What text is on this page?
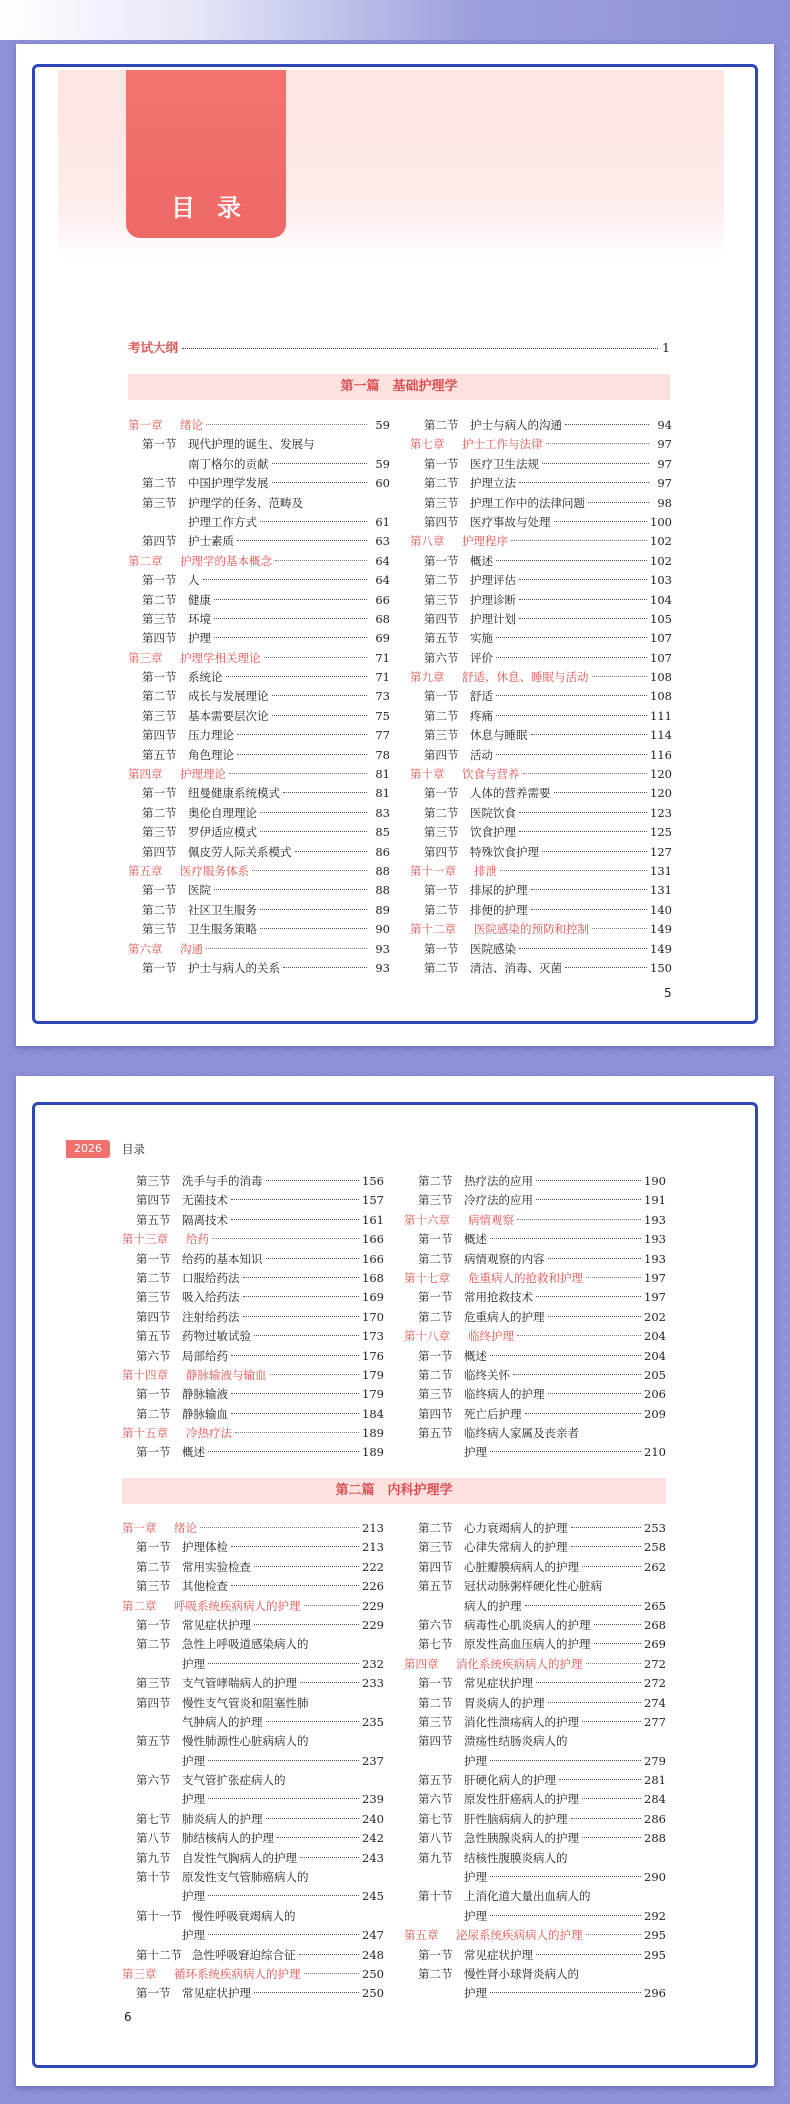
目录
考试大纲	1
第一篇　基础护理学
第一章	绪论	59
第一节	现代护理的诞生、发展与
南丁格尔的贡献	59
第二节	中国护理学发展	60
第三节	护理学的任务、范畴及
护理工作方式	61
第四节	护士素质	63
第二章	护理学的基本概念	64
第一节	人	64
第二节	健康	66
第三节	环境	68
第四节	护理	69
第三章	护理学相关理论	71
第一节	系统论	71
第二节	成长与发展理论	73
第三节	基本需要层次论	75
第四节	压力理论	77
第五节	角色理论	78
第四章	护理理论	81
第一节	纽曼健康系统模式	81
第二节	奥伦自理理论	83
第三节	罗伊适应模式	85
第四节	佩皮劳人际关系模式	86
第五章	医疗服务体系	88
第一节	医院	88
第二节	社区卫生服务	89
第三节	卫生服务策略	90
第六章	沟通	93
第一节	护士与病人的关系	93
第二节	护士与病人的沟通	94
第七章	护士工作与法律	97
第一节	医疗卫生法规	97
第二节	护理立法	97
第三节	护理工作中的法律问题	98
第四节	医疗事故与处理	100
第八章	护理程序	102
第一节	概述	102
第二节	护理评估	103
第三节	护理诊断	104
第四节	护理计划	105
第五节	实施	107
第六节	评价	107
第九章	舒适、休息、睡眠与活动	108
第一节	舒适	108
第二节	疼痛	111
第三节	休息与睡眠	114
第四节	活动	116
第十章	饮食与营养	120
第一节	人体的营养需要	120
第二节	医院饮食	123
第三节	饮食护理	125
第四节	特殊饮食护理	127
第十一章	排泄	131
第一节	排尿的护理	131
第二节	排便的护理	140
第十二章	医院感染的预防和控制	149
第一节	医院感染	149
第二节	清洁、消毒、灭菌	150
5
2026	目录
第三节	洗手与手的消毒	156
第四节	无菌技术	157
第五节	隔离技术	161
第十三章	给药	166
第一节	给药的基本知识	166
第二节	口服给药法	168
第三节	吸入给药法	169
第四节	注射给药法	170
第五节	药物过敏试验	173
第六节	局部给药	176
第十四章	静脉输液与输血	179
第一节	静脉输液	179
第二节	静脉输血	184
第十五章	冷热疗法	189
第一节	概述	189
第二节	热疗法的应用	190
第三节	冷疗法的应用	191
第十六章	病情观察	193
第一节	概述	193
第二节	病情观察的内容	193
第十七章	危重病人的抢救和护理	197
第一节	常用抢救技术	197
第二节	危重病人的护理	202
第十八章	临终护理	204
第一节	概述	204
第二节	临终关怀	205
第三节	临终病人的护理	206
第四节	死亡后护理	209
第五节	临终病人家属及丧亲者
护理	210
第二篇　内科护理学
第一章	绪论	213
第一节	护理体检	213
第二节	常用实验检查	222
第三节	其他检查	226
第二章	呼吸系统疾病病人的护理	229
第一节	常见症状护理	229
第二节	急性上呼吸道感染病人的
护理	232
第三节	支气管哮喘病人的护理	233
第四节	慢性支气管炎和阻塞性肺
气肿病人的护理	235
第五节	慢性肺源性心脏病病人的
护理	237
第六节	支气管扩张症病人的
护理	239
第七节	肺炎病人的护理	240
第八节	肺结核病人的护理	242
第九节	自发性气胸病人的护理	243
第十节	原发性支气管肺癌病人的
护理	245
第十一节 慢性呼吸衰竭病人的
护理	247
第十二节 急性呼吸窘迫综合征	248
第三章	循环系统疾病病人的护理	250
第一节	常见症状护理	250
第二节	心力衰竭病人的护理	253
第三节	心律失常病人的护理	258
第四节	心脏瓣膜病病人的护理	262
第五节	冠状动脉粥样硬化性心脏病
病人的护理	265
第六节	病毒性心肌炎病人的护理	268
第七节	原发性高血压病人的护理	269
第四章	消化系统疾病病人的护理	272
第一节	常见症状护理	272
第二节	胃炎病人的护理	274
第三节	消化性溃疡病人的护理	277
第四节	溃疡性结肠炎病人的
护理	279
第五节	肝硬化病人的护理	281
第六节	原发性肝癌病人的护理	284
第七节	肝性脑病病人的护理	286
第八节	急性胰腺炎病人的护理	288
第九节	结核性腹膜炎病人的
护理	290
第十节	上消化道大量出血病人的
护理	292
第五章	泌尿系统疾病病人的护理	295
第一节	常见症状护理	295
第二节	慢性肾小球肾炎病人的
护理	296
6
